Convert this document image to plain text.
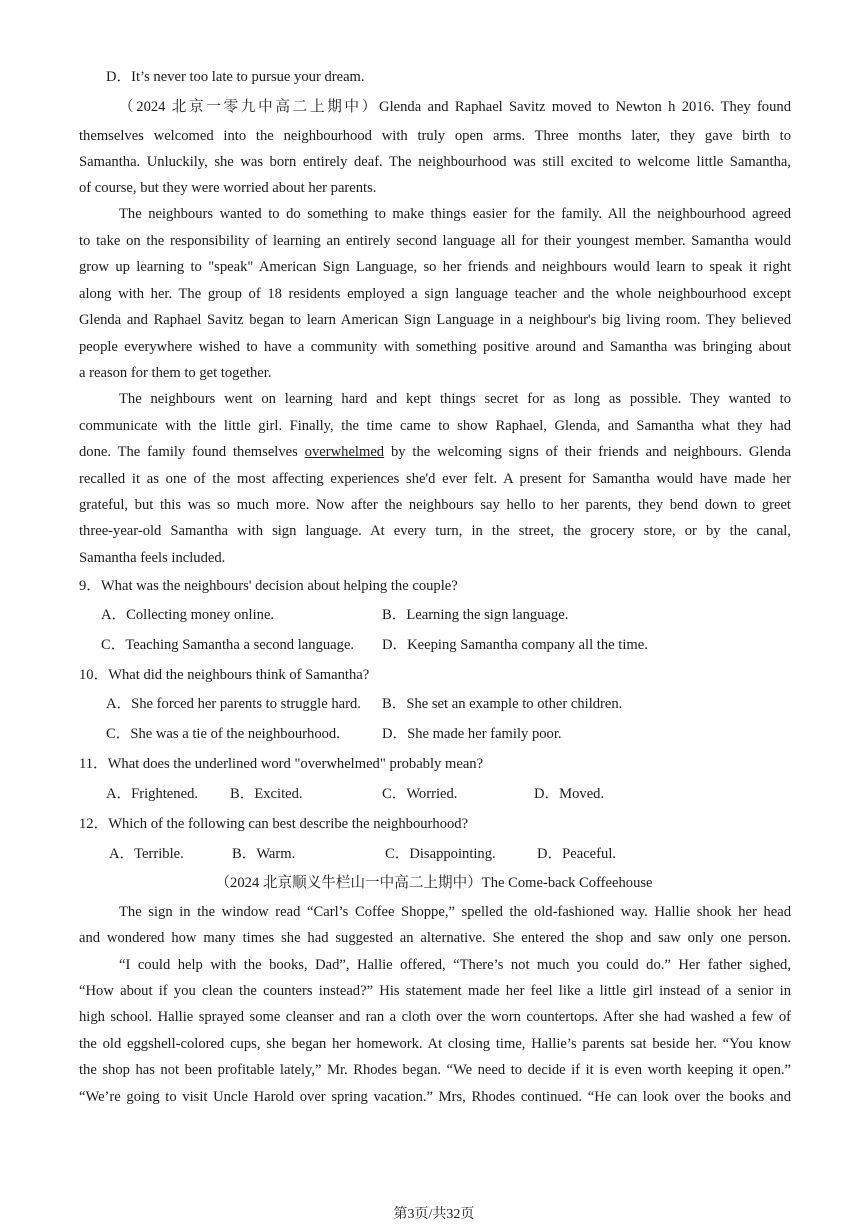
D．It’s never too late to pursue your dream.
（2024 北京一零九中高二上期中）Glenda and Raphael Savitz moved to Newton h 2016. They found
themselves welcomed into the neighbourhood with truly open arms. Three months later, they gave birth to
Samantha. Unluckily, she was born entirely deaf. The neighbourhood was still excited to welcome little Samantha,
of course, but they were worried about her parents.
The neighbours wanted to do something to make things easier for the family. All the neighbourhood agreed
to take on the responsibility of learning an entirely second language all for their youngest member. Samantha would
grow up learning to "speak" American Sign Language, so her friends and neighbours would learn to speak it right
along with her. The group of 18 residents employed a sign language teacher and the whole neighbourhood except
Glenda and Raphael Savitz began to learn American Sign Language in a neighbour's big living room. They believed
people everywhere wished to have a community with something positive around and Samantha was bringing about
a reason for them to get together.
The neighbours went on learning hard and kept things secret for as long as possible. They wanted to
communicate with the little girl. Finally, the time came to show Raphael, Glenda, and Samantha what they had
done. The family found themselves overwhelmed by the welcoming signs of their friends and neighbours. Glenda
recalled it as one of the most affecting experiences she'd ever felt. A present for Samantha would have made her
grateful, but this was so much more. Now after the neighbours say hello to her parents, they bend down to greet
three-year-old Samantha with sign language. At every turn, in the street, the grocery store, or by the canal,
Samantha feels included.
9．What was the neighbours' decision about helping the couple?
A．Collecting money online.	B．Learning the sign language.
C．Teaching Samantha a second language. D．Keeping Samantha company all the time.
10．What did the neighbours think of Samantha?
A．She forced her parents to struggle hard. B．She set an example to other children.
C．She was a tie of the neighbourhood.	D．She made her family poor.
11．What does the underlined word "overwhelmed" probably mean?
A．Frightened. B．Excited.	C．Worried.	D．Moved.
12．Which of the following can best describe the neighbourhood?
A．Terrible.	B．Warm.	C．Disappointing.	D．Peaceful.
（2024 北京顺义牛栏山一中高二上期中）The Come-back Coffeehouse
The sign in the window read “Carl’s Coffee Shoppe,” spelled the old-fashioned way. Hallie shook her head
and wondered how many times she had suggested an alternative. She entered the shop and saw only one person.
“I could help with the books, Dad”, Hallie offered, “There’s not much you could do.” Her father sighed,
“How about if you clean the counters instead?” His statement made her feel like a little girl instead of a senior in
high school. Hallie sprayed some cleanser and ran a cloth over the worn countertops. After she had washed a few of
the old eggshell-colored cups, she began her homework. At closing time, Hallie’s parents sat beside her. “You know
the shop has not been profitable lately,” Mr. Rhodes began. “We need to decide if it is even worth keeping it open.”
“We’re going to visit Uncle Harold over spring vacation.” Mrs, Rhodes continued. “He can look over the books and
第3页/共32页
